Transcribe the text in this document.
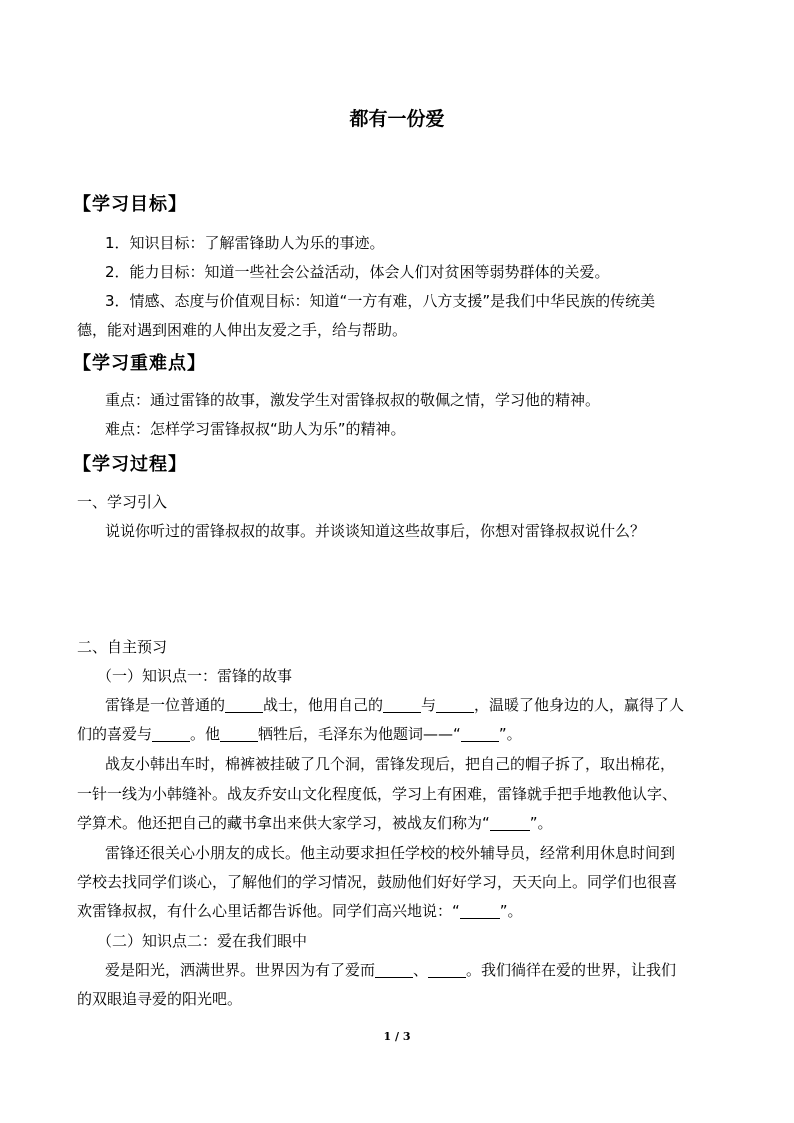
都有一份爱
【学习目标】
1．知识目标：了解雷锋助人为乐的事迹。
2．能力目标：知道一些社会公益活动，体会人们对贫困等弱势群体的关爱。
3．情感、态度与价值观目标：知道“一方有难，八方支援”是我们中华民族的传统美
德，能对遇到困难的人伸出友爱之手，给与帮助。
【学习重难点】
重点：通过雷锋的故事，激发学生对雷锋叔叔的敬佩之情，学习他的精神。
难点：怎样学习雷锋叔叔“助人为乐”的精神。
【学习过程】
一、学习引入
说说你听过的雷锋叔叔的故事。并谈谈知道这些故事后，你想对雷锋叔叔说什么？
二、自主预习
（一）知识点一：雷锋的故事
雷锋是一位普通的	战士，他用自己的	与	，温暖了他身边的人，赢得了人
们的喜爱与	。他	牺牲后，毛泽东为他题词——“	”。
战友小韩出车时，棉裤被挂破了几个洞，雷锋发现后，把自己的帽子拆了，取出棉花，
一针一线为小韩缝补。战友乔安山文化程度低，学习上有困难，雷锋就手把手地教他认字、
学算术。他还把自己的藏书拿出来供大家学习，被战友们称为“	”。
雷锋还很关心小朋友的成长。他主动要求担任学校的校外辅导员，经常利用休息时间到
学校去找同学们谈心，了解他们的学习情况，鼓励他们好好学习，天天向上。同学们也很喜
欢雷锋叔叔，有什么心里话都告诉他。同学们高兴地说：“	”。
（二）知识点二：爱在我们眼中
爱是阳光，洒满世界。世界因为有了爱而	、	。我们徜徉在爱的世界，让我们
的双眼追寻爱的阳光吧。
1 / 3
